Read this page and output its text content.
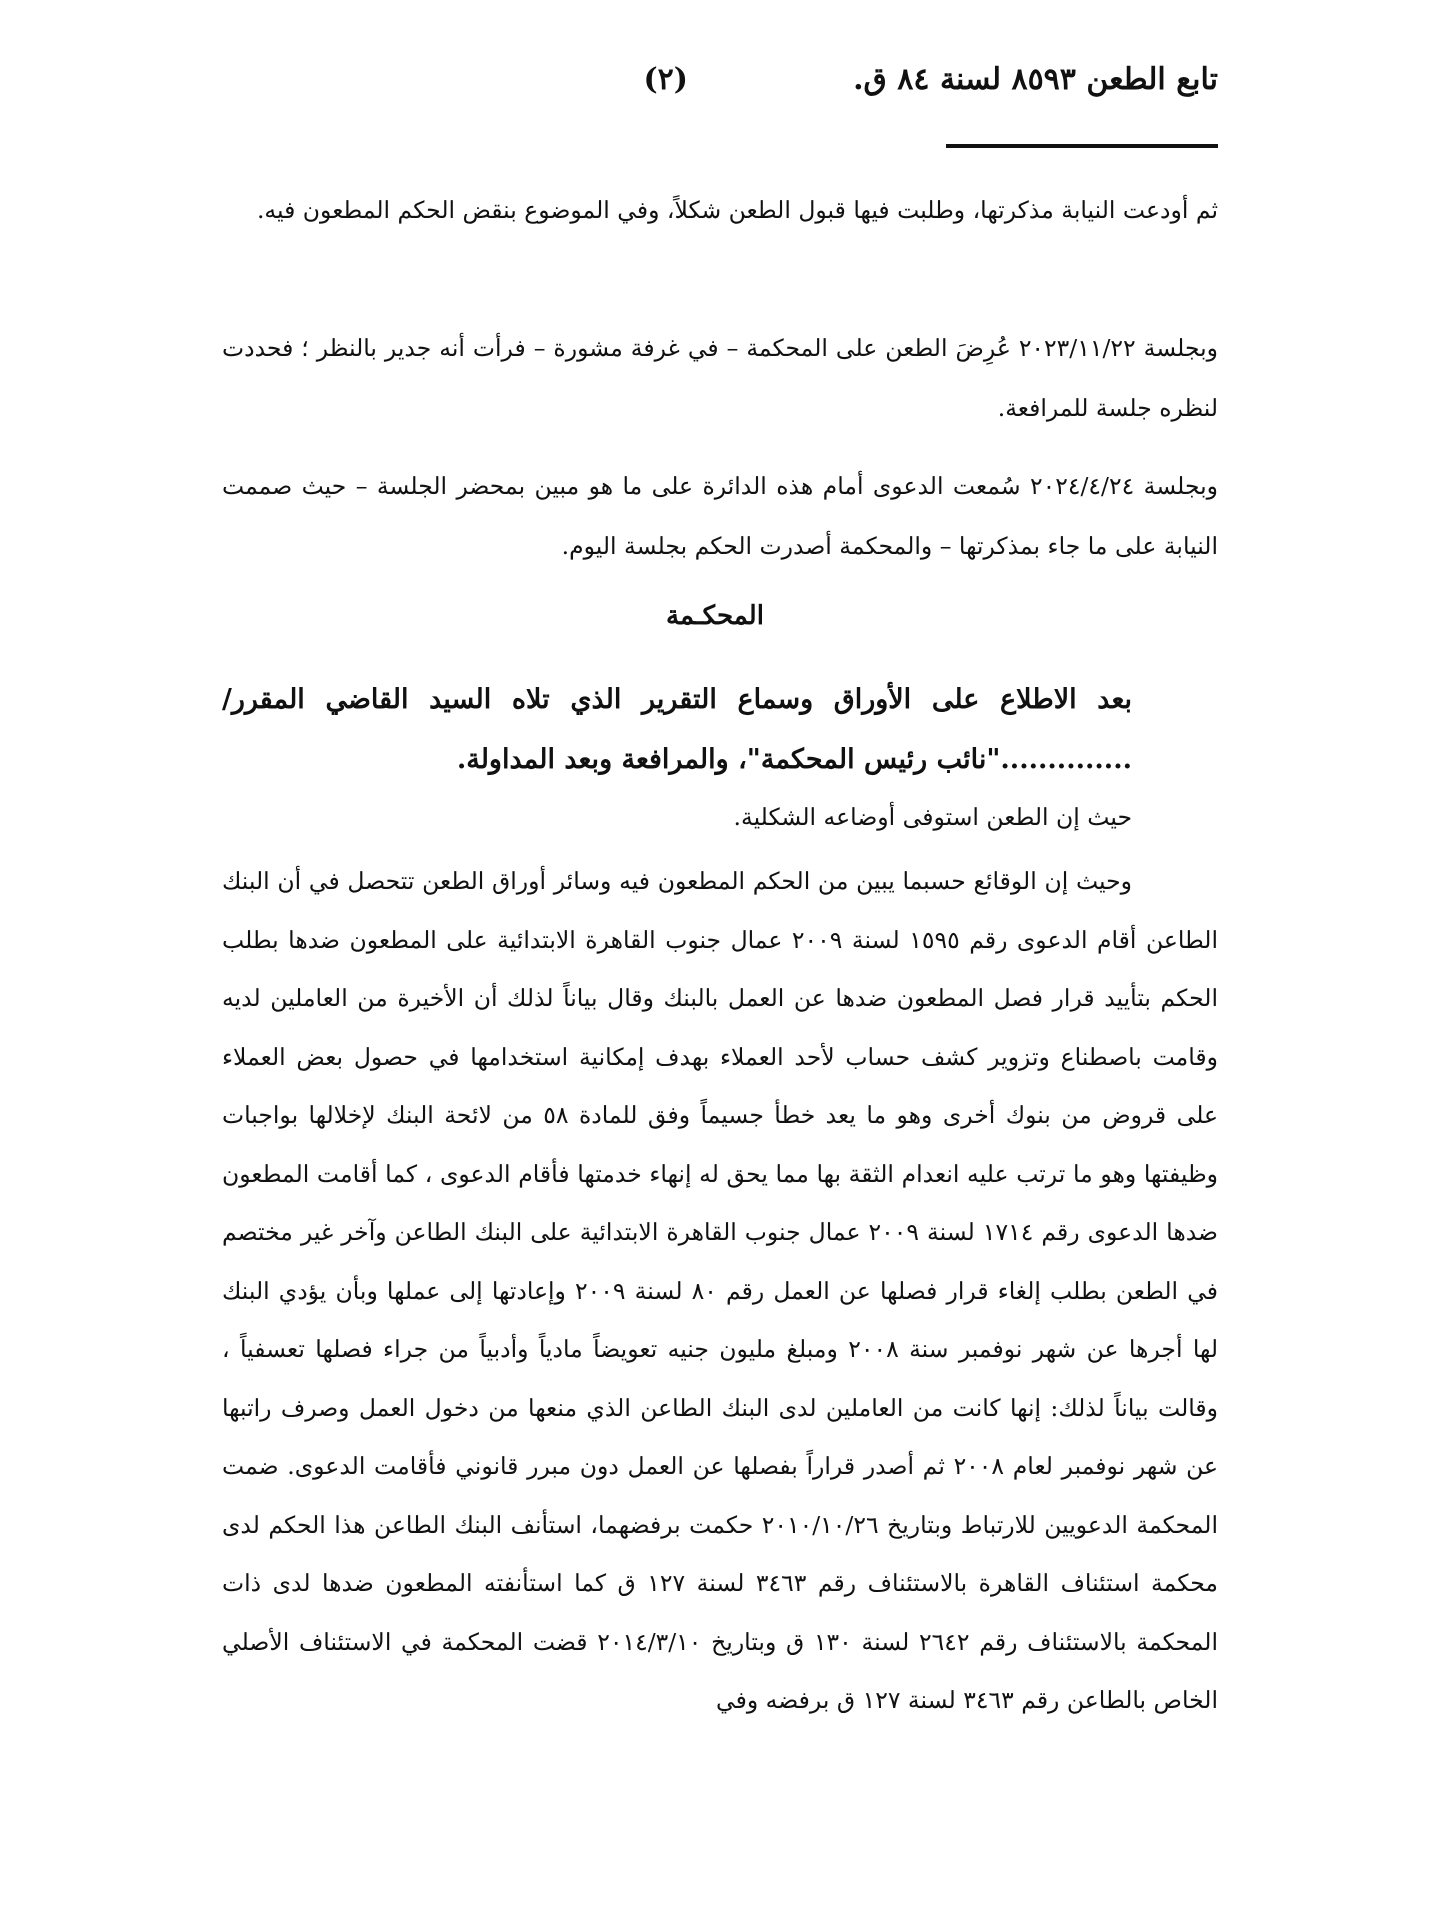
تابع الطعن ٨٥٩٣ لسنة ٨٤ ق.
(٢)

ثم أودعت النيابة مذكرتها، وطلبت فيها قبول الطعن شكلاً، وفي الموضوع بنقض الحكم المطعون فيه.

وبجلسة ٢٠٢٣/١١/٢٢ عُرِضَ الطعن على المحكمة – في غرفة مشورة – فرأت أنه جدير بالنظر ؛ فحددت لنظره جلسة للمرافعة.

وبجلسة ٢٠٢٤/٤/٢٤ سُمعت الدعوى أمام هذه الدائرة على ما هو مبين بمحضر الجلسة – حيث صممت النيابة على ما جاء بمذكرتها – والمحكمة أصدرت الحكم بجلسة اليوم.

المحكـمة

بعد الاطلاع على الأوراق وسماع التقرير الذي تلاه السيد القاضي المقرر/ .............."نائب رئيس المحكمة"، والمرافعة وبعد المداولة.

حيث إن الطعن استوفى أوضاعه الشكلية.

وحيث إن الوقائع حسبما يبين من الحكم المطعون فيه وسائر أوراق الطعن تتحصل في أن البنك الطاعن أقام الدعوى رقم ١٥٩٥ لسنة ٢٠٠٩ عمال جنوب القاهرة الابتدائية على المطعون ضدها بطلب الحكم بتأييد قرار فصل المطعون ضدها عن العمل بالبنك وقال بياناً لذلك أن الأخيرة من العاملين لديه وقامت باصطناع وتزوير كشف حساب لأحد العملاء بهدف إمكانية استخدامها في حصول بعض العملاء على قروض من بنوك أخرى وهو ما يعد خطأ جسيماً وفق للمادة ٥٨ من لائحة البنك لإخلالها بواجبات وظيفتها وهو ما ترتب عليه انعدام الثقة بها مما يحق له إنهاء خدمتها فأقام الدعوى ، كما أقامت المطعون ضدها الدعوى رقم ١٧١٤ لسنة ٢٠٠٩ عمال جنوب القاهرة الابتدائية على البنك الطاعن وآخر غير مختصم في الطعن بطلب إلغاء قرار فصلها عن العمل رقم ٨٠ لسنة ٢٠٠٩ وإعادتها إلى عملها وبأن يؤدي البنك لها أجرها عن شهر نوفمبر سنة ٢٠٠٨ ومبلغ مليون جنيه تعويضاً مادياً وأدبياً من جراء فصلها تعسفياً ، وقالت بياناً لذلك: إنها كانت من العاملين لدى البنك الطاعن الذي منعها من دخول العمل وصرف راتبها عن شهر نوفمبر لعام ٢٠٠٨ ثم أصدر قراراً بفصلها عن العمل دون مبرر قانوني فأقامت الدعوى. ضمت المحكمة الدعويين للارتباط وبتاريخ ٢٠١٠/١٠/٢٦ حكمت برفضهما، استأنف البنك الطاعن هذا الحكم لدى محكمة استئناف القاهرة بالاستئناف رقم ٣٤٦٣ لسنة ١٢٧ ق كما استأنفته المطعون ضدها لدى ذات المحكمة بالاستئناف رقم ٢٦٤٢ لسنة ١٣٠ ق وبتاريخ ٢٠١٤/٣/١٠ قضت المحكمة في الاستئناف الأصلي الخاص بالطاعن رقم ٣٤٦٣ لسنة ١٢٧ ق برفضه وفي
